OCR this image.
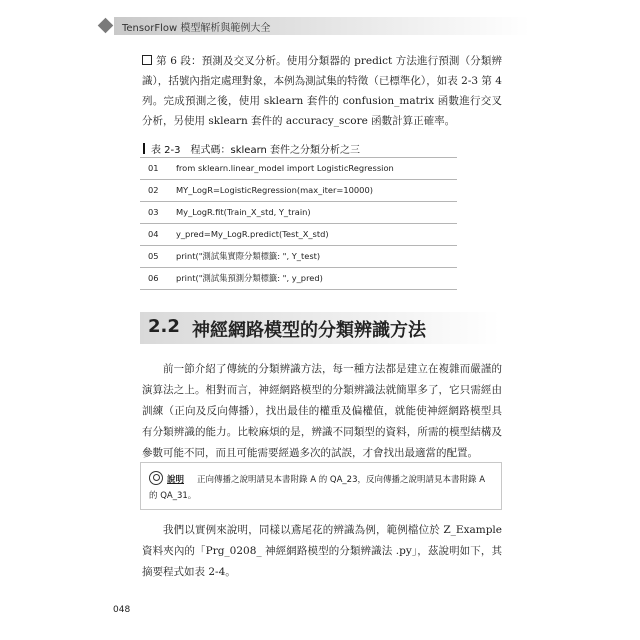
TensorFlow 模型解析與範例大全
第 6 段：預測及交叉分析。使用分類器的 predict 方法進行預測（分類辨識），括號內指定處理對象，本例為測試集的特徵（已標準化），如表 2-3 第 4 列。完成預測之後，使用 sklearn 套件的 confusion_matrix 函數進行交叉分析，另使用 sklearn 套件的 accuracy_score 函數計算正確率。
表 2-3　程式碼：sklearn 套件之分類分析之三
01	from sklearn.linear_model import LogisticRegression
02	MY_LogR=LogisticRegression(max_iter=10000)
03	My_LogR.fit(Train_X_std, Y_train)
04	y_pred=My_LogR.predict(Test_X_std)
05	print("測試集實際分類標籤: ", Y_test)
06	print("測試集預測分類標籤: ", y_pred)
2.2 神經網路模型的分類辨識方法
前一節介紹了傳統的分類辨識方法，每一種方法都是建立在複雜而嚴謹的演算法之上。相對而言，神經網路模型的分類辨識法就簡單多了，它只需經由訓練（正向及反向傳播），找出最佳的權重及偏權值，就能使神經網路模型具有分類辨識的能力。比較麻煩的是，辨識不同類型的資料，所需的模型結構及參數可能不同，而且可能需要經過多次的試誤，才會找出最適當的配置。
說明	正向傳播之說明請見本書附錄 A 的 QA_23，反向傳播之說明請見本書附錄 A 的 QA_31。
我們以實例來說明，同樣以鳶尾花的辨識為例，範例檔位於 Z_Example 資料夾內的「Prg_0208_ 神經網路模型的分類辨識法 .py」，茲說明如下，其摘要程式如表 2-4。
048
